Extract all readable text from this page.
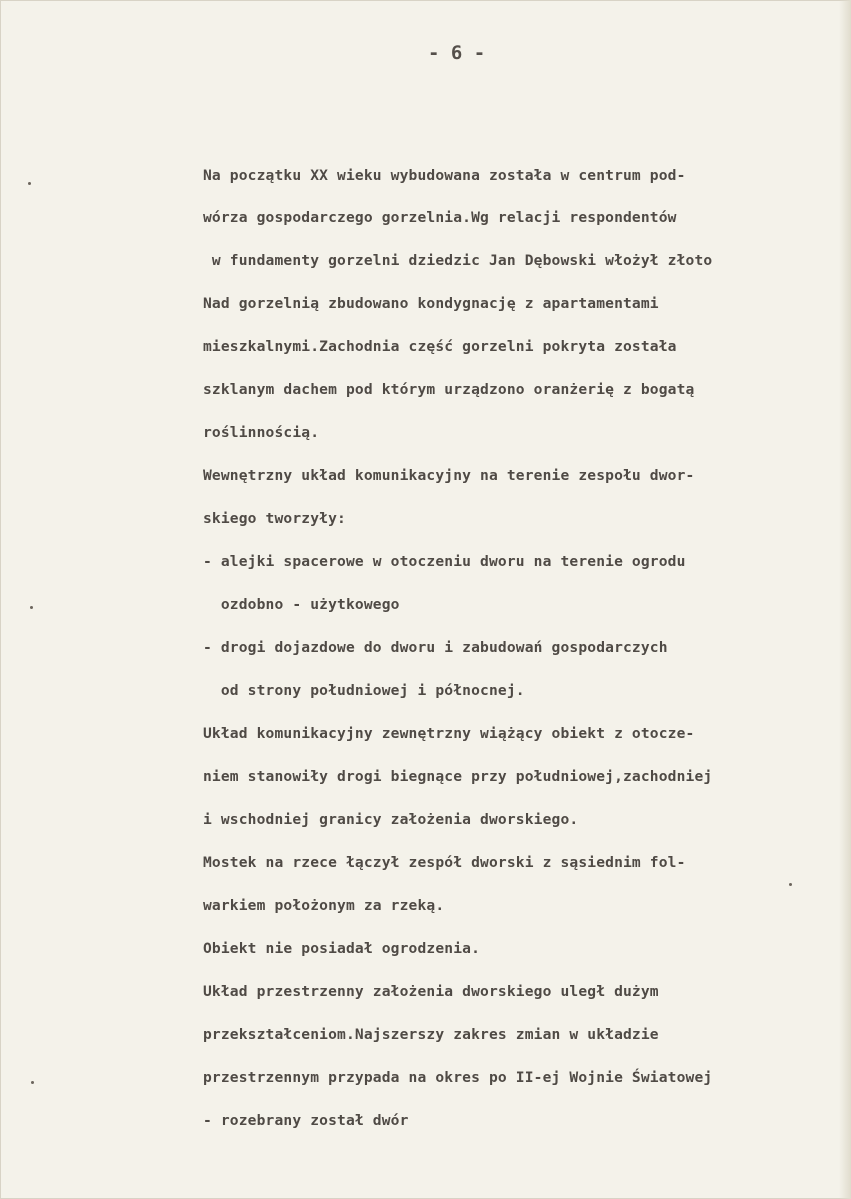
- 6 -
Na początku XX wieku wybudowana została w centrum pod-
wórza gospodarczego gorzelnia.Wg relacji respondentów
w fundamenty gorzelni dziedzic Jan Dębowski włożył złoto
Nad gorzelnią zbudowano kondygnację z apartamentami
mieszkalnymi.Zachodnia część gorzelni pokryta została
szklanym dachem pod którym urządzono oranżerię z bogatą
roślinnością.
Wewnętrzny układ komunikacyjny na terenie zespołu dwor-
skiego tworzyły:
- alejki spacerowe w otoczeniu dworu na terenie ogrodu
ozdobno - użytkowego
- drogi dojazdowe do dworu i zabudowań gospodarczych
od strony południowej i północnej.
Układ komunikacyjny zewnętrzny wiążący obiekt z otocze-
niem stanowiły drogi biegnące przy południowej,zachodniej
i wschodniej granicy założenia dworskiego.
Mostek na rzece łączył zespół dworski z sąsiednim fol-
warkiem położonym za rzeką.
Obiekt nie posiadał ogrodzenia.
Układ przestrzenny założenia dworskiego uległ dużym
przekształceniom.Najszerszy zakres zmian w układzie
przestrzennym przypada na okres po II-ej Wojnie Światowej
- rozebrany został dwór
